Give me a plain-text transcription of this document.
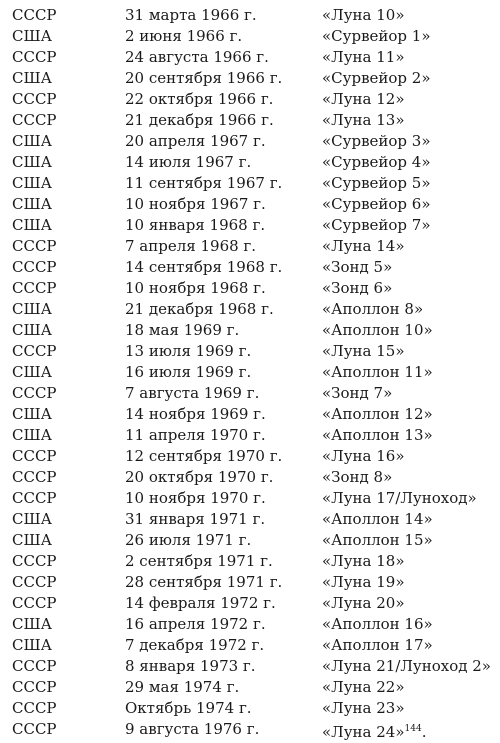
СССР	31 марта 1966 г.	«Луна 10»
США	2 июня 1966 г.	«Сурвейор 1»
СССР	24 августа 1966 г.	«Луна 11»
США	20 сентября 1966 г.	«Сурвейор 2»
СССР	22 октября 1966 г.	«Луна 12»
СССР	21 декабря 1966 г.	«Луна 13»
США	20 апреля 1967 г.	«Сурвейор 3»
США	14 июля 1967 г.	«Сурвейор 4»
США	11 сентября 1967 г.	«Сурвейор 5»
США	10 ноября 1967 г.	«Сурвейор 6»
США	10 января 1968 г.	«Сурвейор 7»
СССР	7 апреля 1968 г.	«Луна 14»
СССР	14 сентября 1968 г.	«Зонд 5»
СССР	10 ноября 1968 г.	«Зонд 6»
США	21 декабря 1968 г.	«Аполлон 8»
США	18 мая 1969 г.	«Аполлон 10»
СССР	13 июля 1969 г.	«Луна 15»
США	16 июля 1969 г.	«Аполлон 11»
СССР	7 августа 1969 г.	«Зонд 7»
США	14 ноября 1969 г.	«Аполлон 12»
США	11 апреля 1970 г.	«Аполлон 13»
СССР	12 сентября 1970 г.	«Луна 16»
СССР	20 октября 1970 г.	«Зонд 8»
СССР	10 ноября 1970 г.	«Луна 17/Луноход»
США	31 января 1971 г.	«Аполлон 14»
США	26 июля 1971 г.	«Аполлон 15»
СССР	2 сентября 1971 г.	«Луна 18»
СССР	28 сентября 1971 г.	«Луна 19»
СССР	14 февраля 1972 г.	«Луна 20»
США	16 апреля 1972 г.	«Аполлон 16»
США	7 декабря 1972 г.	«Аполлон 17»
СССР	8 января 1973 г.	«Луна 21/Луноход 2»
СССР	29 мая 1974 г.	«Луна 22»
СССР	Октябрь 1974 г.	«Луна 23»
СССР	9 августа 1976 г.	«Луна 24»$^{144}$.
